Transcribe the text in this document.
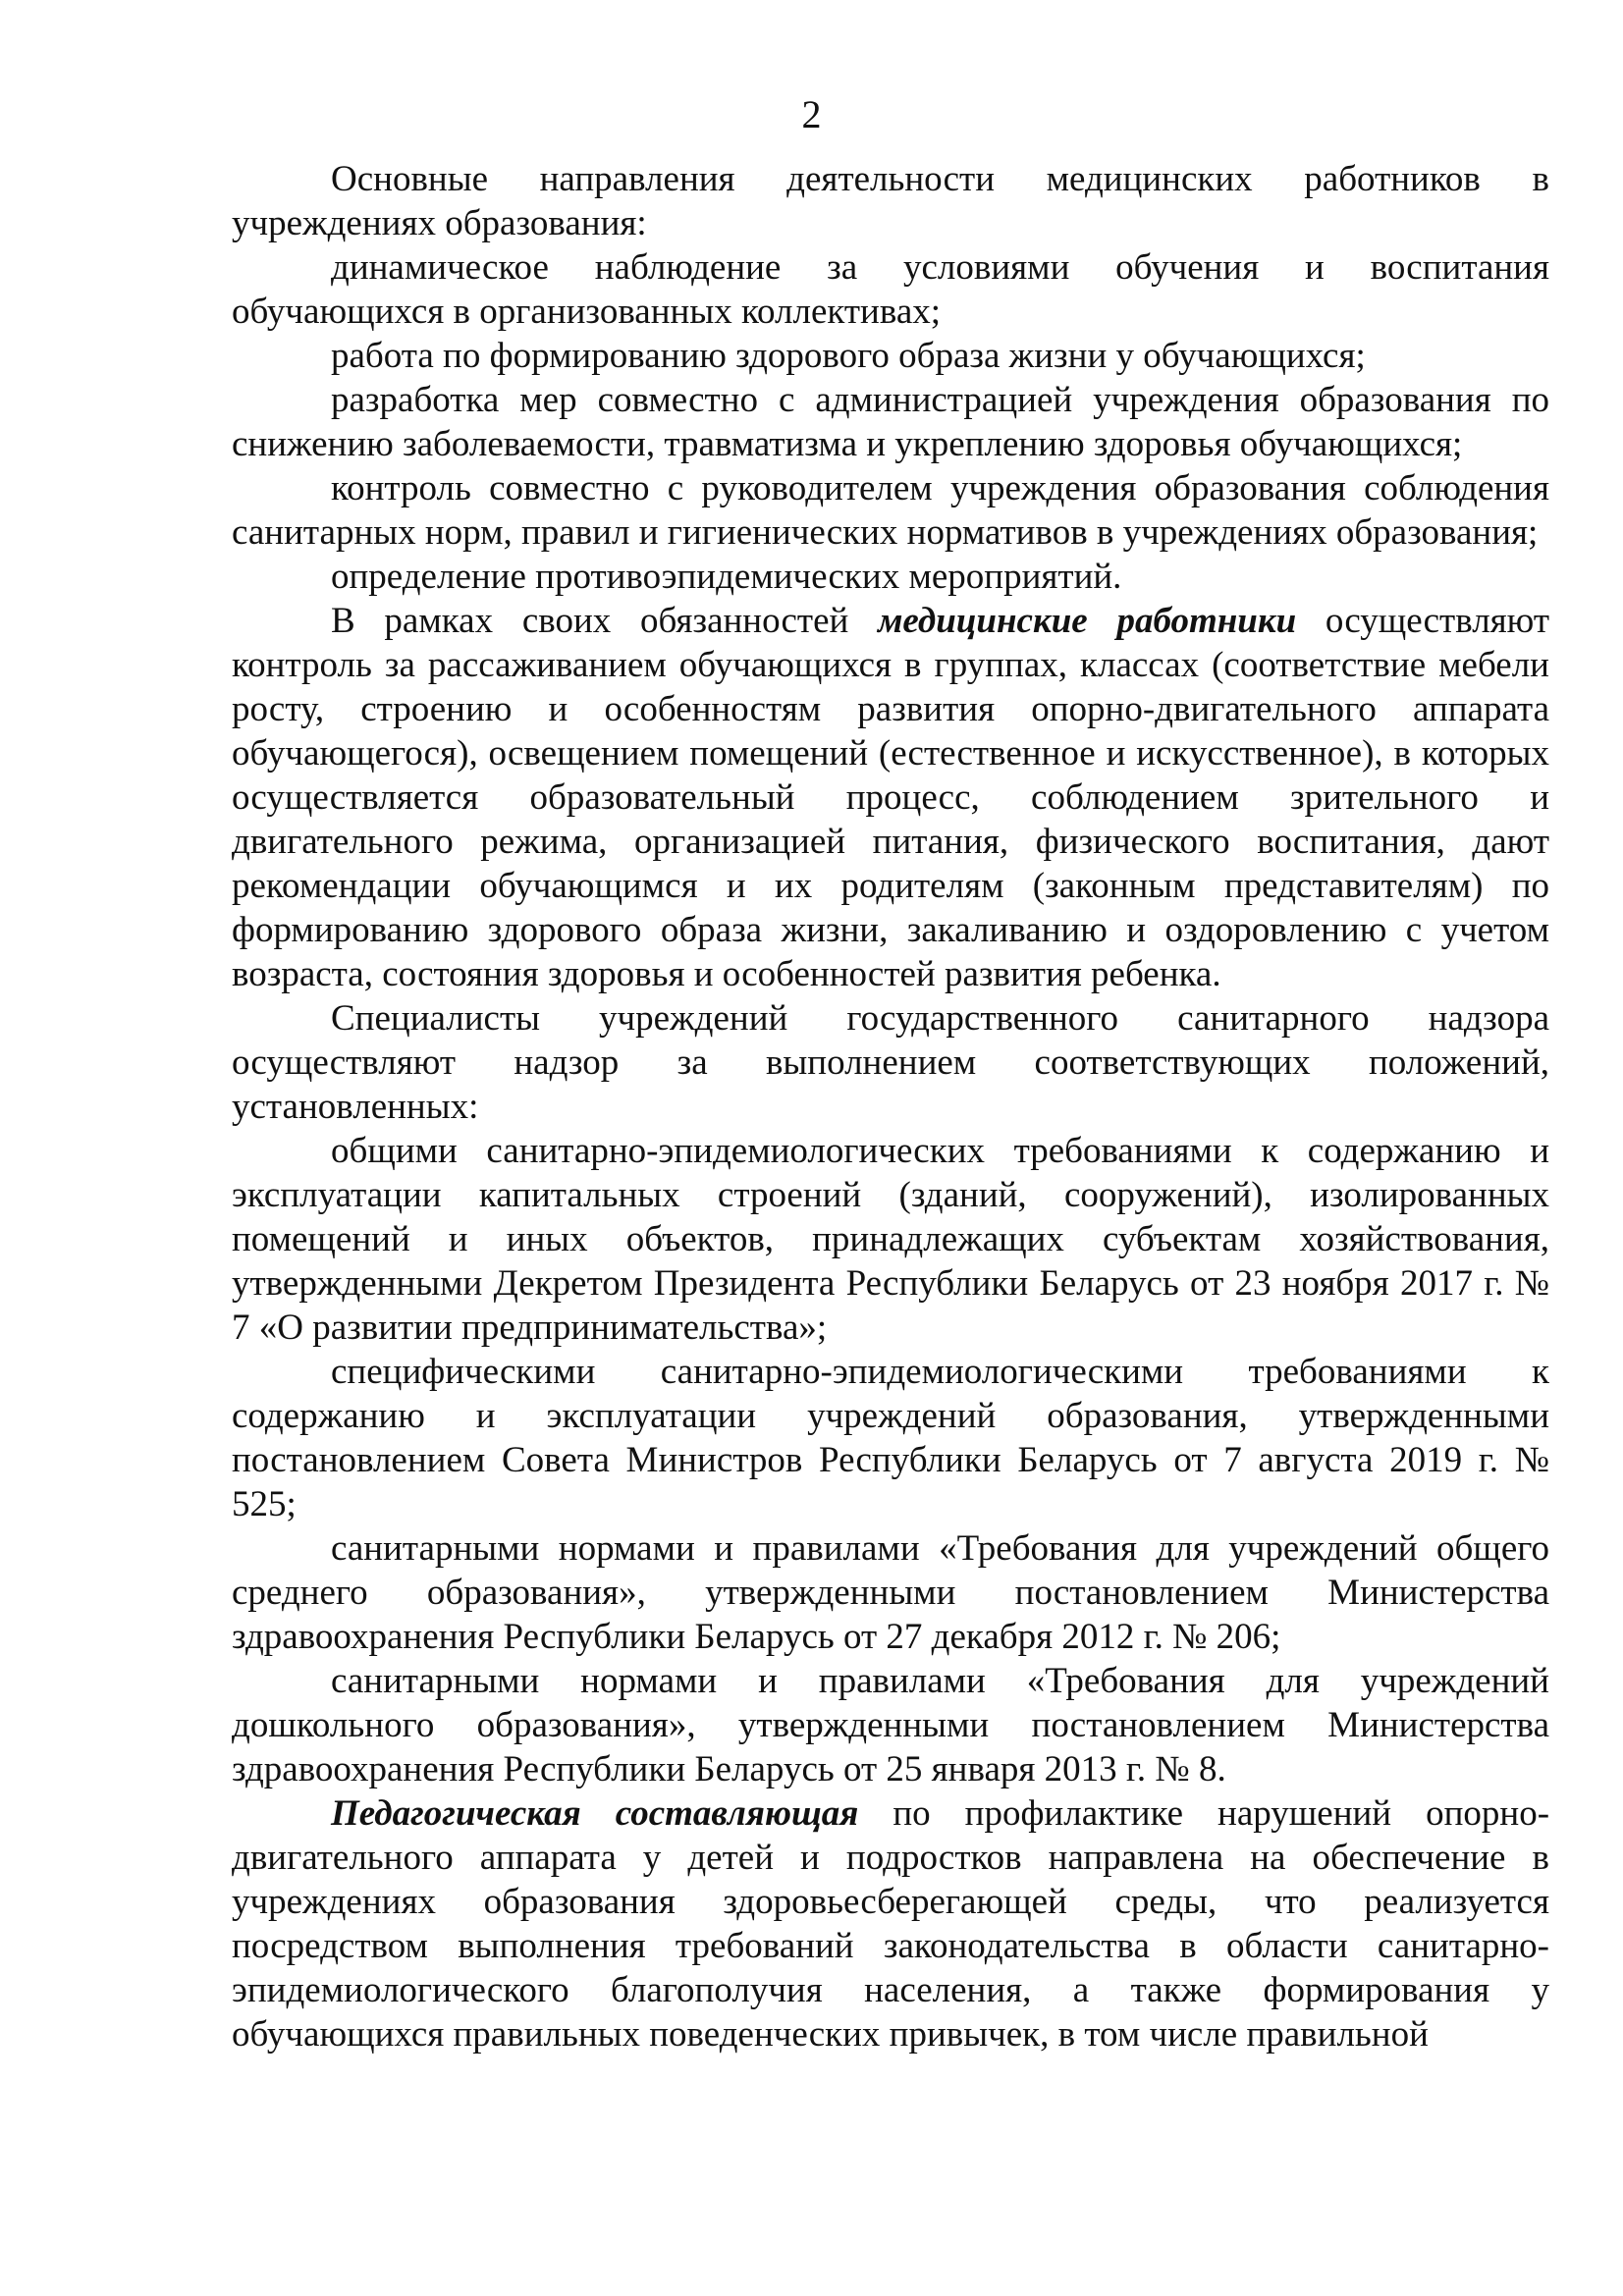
2

Основные направления деятельности медицинских работников в учреждениях образования:

динамическое наблюдение за условиями обучения и воспитания обучающихся в организованных коллективах;

работа по формированию здорового образа жизни у обучающихся;

разработка мер совместно с администрацией учреждения образования по снижению заболеваемости, травматизма и укреплению здоровья обучающихся;

контроль совместно с руководителем учреждения образования соблюдения санитарных норм, правил и гигиенических нормативов в учреждениях образования;

определение противоэпидемических мероприятий.

В рамках своих обязанностей медицинские работники осуществляют контроль за рассаживанием обучающихся в группах, классах (соответствие мебели росту, строению и особенностям развития опорно-двигательного аппарата обучающегося), освещением помещений (естественное и искусственное), в которых осуществляется образовательный процесс, соблюдением зрительного и двигательного режима, организацией питания, физического воспитания, дают рекомендации обучающимся и их родителям (законным представителям) по формированию здорового образа жизни, закаливанию и оздоровлению с учетом возраста, состояния здоровья и особенностей развития ребенка.

Специалисты учреждений государственного санитарного надзора осуществляют надзор за выполнением соответствующих положений, установленных:

общими санитарно-эпидемиологических требованиями к содержанию и эксплуатации капитальных строений (зданий, сооружений), изолированных помещений и иных объектов, принадлежащих субъектам хозяйствования, утвержденными Декретом Президента Республики Беларусь от 23 ноября 2017 г. № 7 «О развитии предпринимательства»;

специфическими санитарно-эпидемиологическими требованиями к содержанию и эксплуатации учреждений образования, утвержденными постановлением Совета Министров Республики Беларусь от 7 августа 2019 г. № 525;

санитарными нормами и правилами «Требования для учреждений общего среднего образования», утвержденными постановлением Министерства здравоохранения Республики Беларусь от 27 декабря 2012 г. № 206;

санитарными нормами и правилами «Требования для учреждений дошкольного образования», утвержденными постановлением Министерства здравоохранения Республики Беларусь от 25 января 2013 г. № 8.

Педагогическая составляющая по профилактике нарушений опорно-двигательного аппарата у детей и подростков направлена на обеспечение в учреждениях образования здоровьесберегающей среды, что реализуется посредством выполнения требований законодательства в области санитарно-эпидемиологического благополучия населения, а также формирования у обучающихся правильных поведенческих привычек, в том числе правильной
